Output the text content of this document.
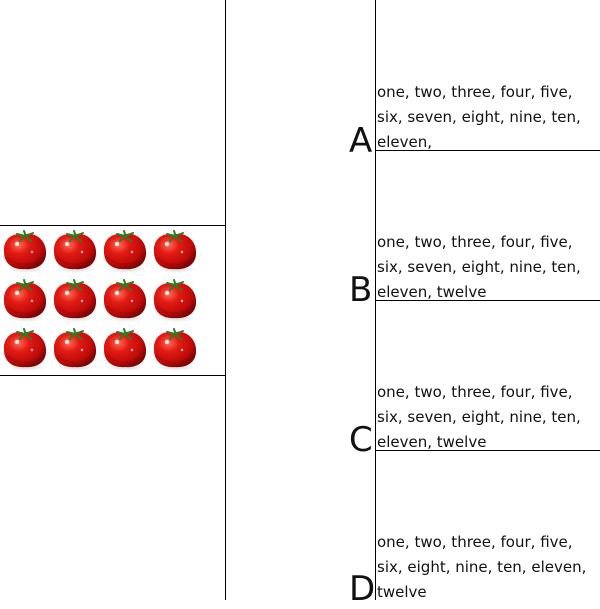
A
one, two, three, four, five,
six, seven, eight, nine, ten,
eleven,
B
one, two, three, four, five,
six, seven, eight, nine, ten,
eleven, twelve
C
one, two, three, four, five,
six, seven, eight, nine, ten,
eleven, twelve
D
one, two, three, four, five,
six, eight, nine, ten, eleven,
twelve
